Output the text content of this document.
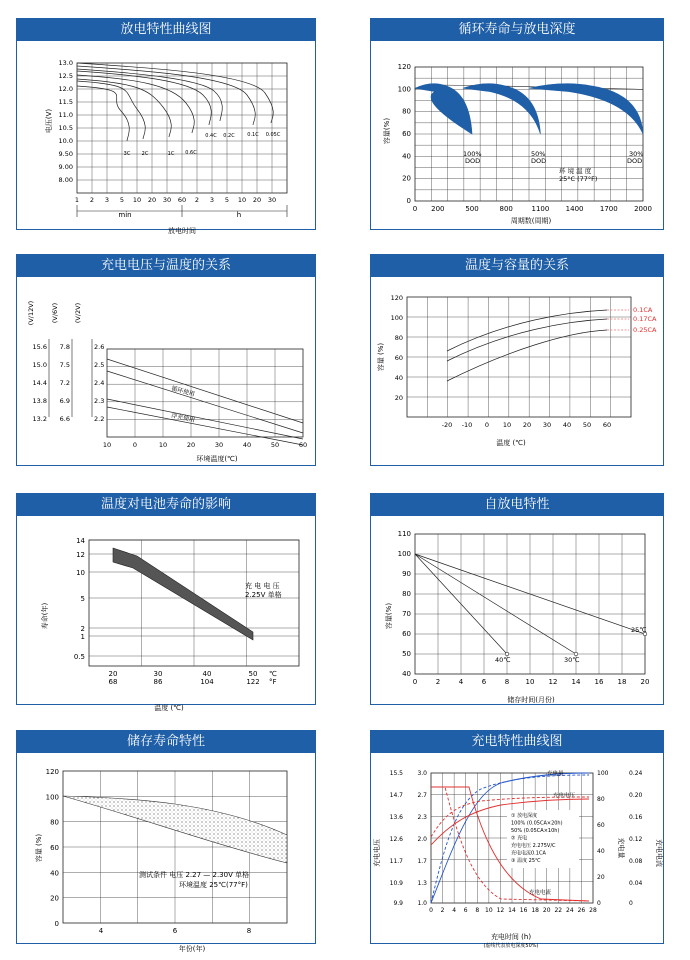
放电特性曲线图
电压(V)
13.0
12.5
12.0
11.5
11.0
10.5
10.0
9.50
9.00
8.00
1 2 3 5 10 20 30 60 2 3 5 10 20 30
min	h
放电时间
3C 2C	1C 0.6C
0.4C 0.2C	0.1C 0.05C
循环寿命与放电深度
容量(%)
0
20
40
60
80
100
120
0 200	500	800	1100 1400 1700 2000
周期数(周期)
100%
DOD
50%
DOD
30%
DOD
环 境 温 度
25°C (77°F)
充电电压与温度的关系
(V/12V) (V/6V) (V/2V)
15.6
15.0
14.4
13.8
13.2
7.8
7.5
7.2
6.9
6.6
2.6
2.5
2.4
2.3
2.2
10	0	10	20	30	40	50	60
环境温度(℃)
循环使用
浮充使用
温度与容量的关系
容量 (%)
120
100
80
60
40
20
-20 -10 0 10 20 30 40 50 60
温度 (℃)
0.1CA
0.17CA
0.25CA
温度对电池寿命的影响
寿命(年)
14
12
10
5
2
1
0.5
20	30	40	50
68	86	104	122
℃
°F
温度 (℃)
充 电 电 压
2.25V 单格
自放电特性
容量(%)
110
100
90
80
70
60
50
40
0	2	4	6	8 10 12 14 16 18 20
储存时间(月份)
40℃	30℃
25℃
储存寿命特性
容量 (%)
120
100
80
60
40
20
0
4	6	8
年份(年)
测试条件 电压 2.27 — 2.30V 单格
环境温度 25℃(77°F)
充电特性曲线图
充电电压	充电量	充电电流
15.5
14.7
13.6
12.6
11.7
10.9
9.9
3.0
2.7
2.3
2.0
1.7
1.3
1.0
100
80
60
40
20
0
0.24
0.20
0.16
0.12
0.08
0.04
0
0 2 4 6 8 10 12 14 16 18 20 22 24 26 28
充电时间 (h)
充电量
充电电压
充电电流
① 放电深度
100% (0.05CA×20h)
50% (0.05CA×10h)
② 充电
充电电压 2.275V/C
充电电流0.1CA
③ 温度 25℃
(虚线代表放电深度50%)
